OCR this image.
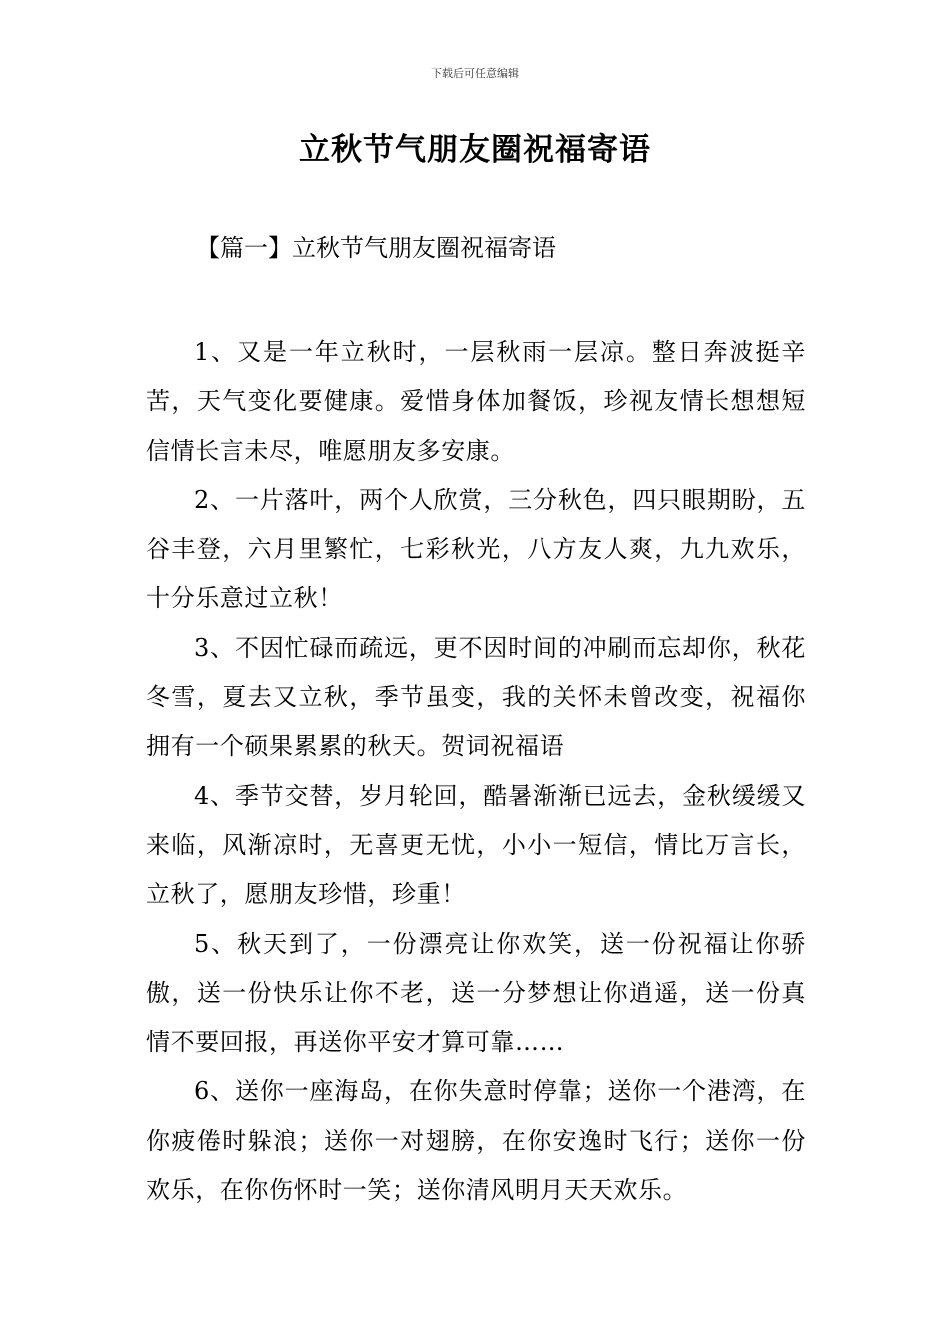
下载后可任意编辑
立秋节气朋友圈祝福寄语
【篇一】立秋节气朋友圈祝福寄语

1、又是一年立秋时，一层秋雨一层凉。整日奔波挺辛苦，天气变化要健康。爱惜身体加餐饭，珍视友情长想想短信情长言未尽，唯愿朋友多安康。

2、一片落叶，两个人欣赏，三分秋色，四只眼期盼，五谷丰登，六月里繁忙，七彩秋光，八方友人爽，九九欢乐，十分乐意过立秋！

3、不因忙碌而疏远，更不因时间的冲刷而忘却你，秋花冬雪，夏去又立秋，季节虽变，我的关怀未曾改变，祝福你拥有一个硕果累累的秋天。贺词祝福语

4、季节交替，岁月轮回，酷暑渐渐已远去，金秋缓缓又来临，风渐凉时，无喜更无忧，小小一短信，情比万言长，立秋了，愿朋友珍惜，珍重！

5、秋天到了，一份漂亮让你欢笑，送一份祝福让你骄傲，送一份快乐让你不老，送一分梦想让你逍遥，送一份真情不要回报，再送你平安才算可靠……

6、送你一座海岛，在你失意时停靠；送你一个港湾，在你疲倦时躲浪；送你一对翅膀，在你安逸时飞行；送你一份欢乐，在你伤怀时一笑；送你清风明月天天欢乐。
